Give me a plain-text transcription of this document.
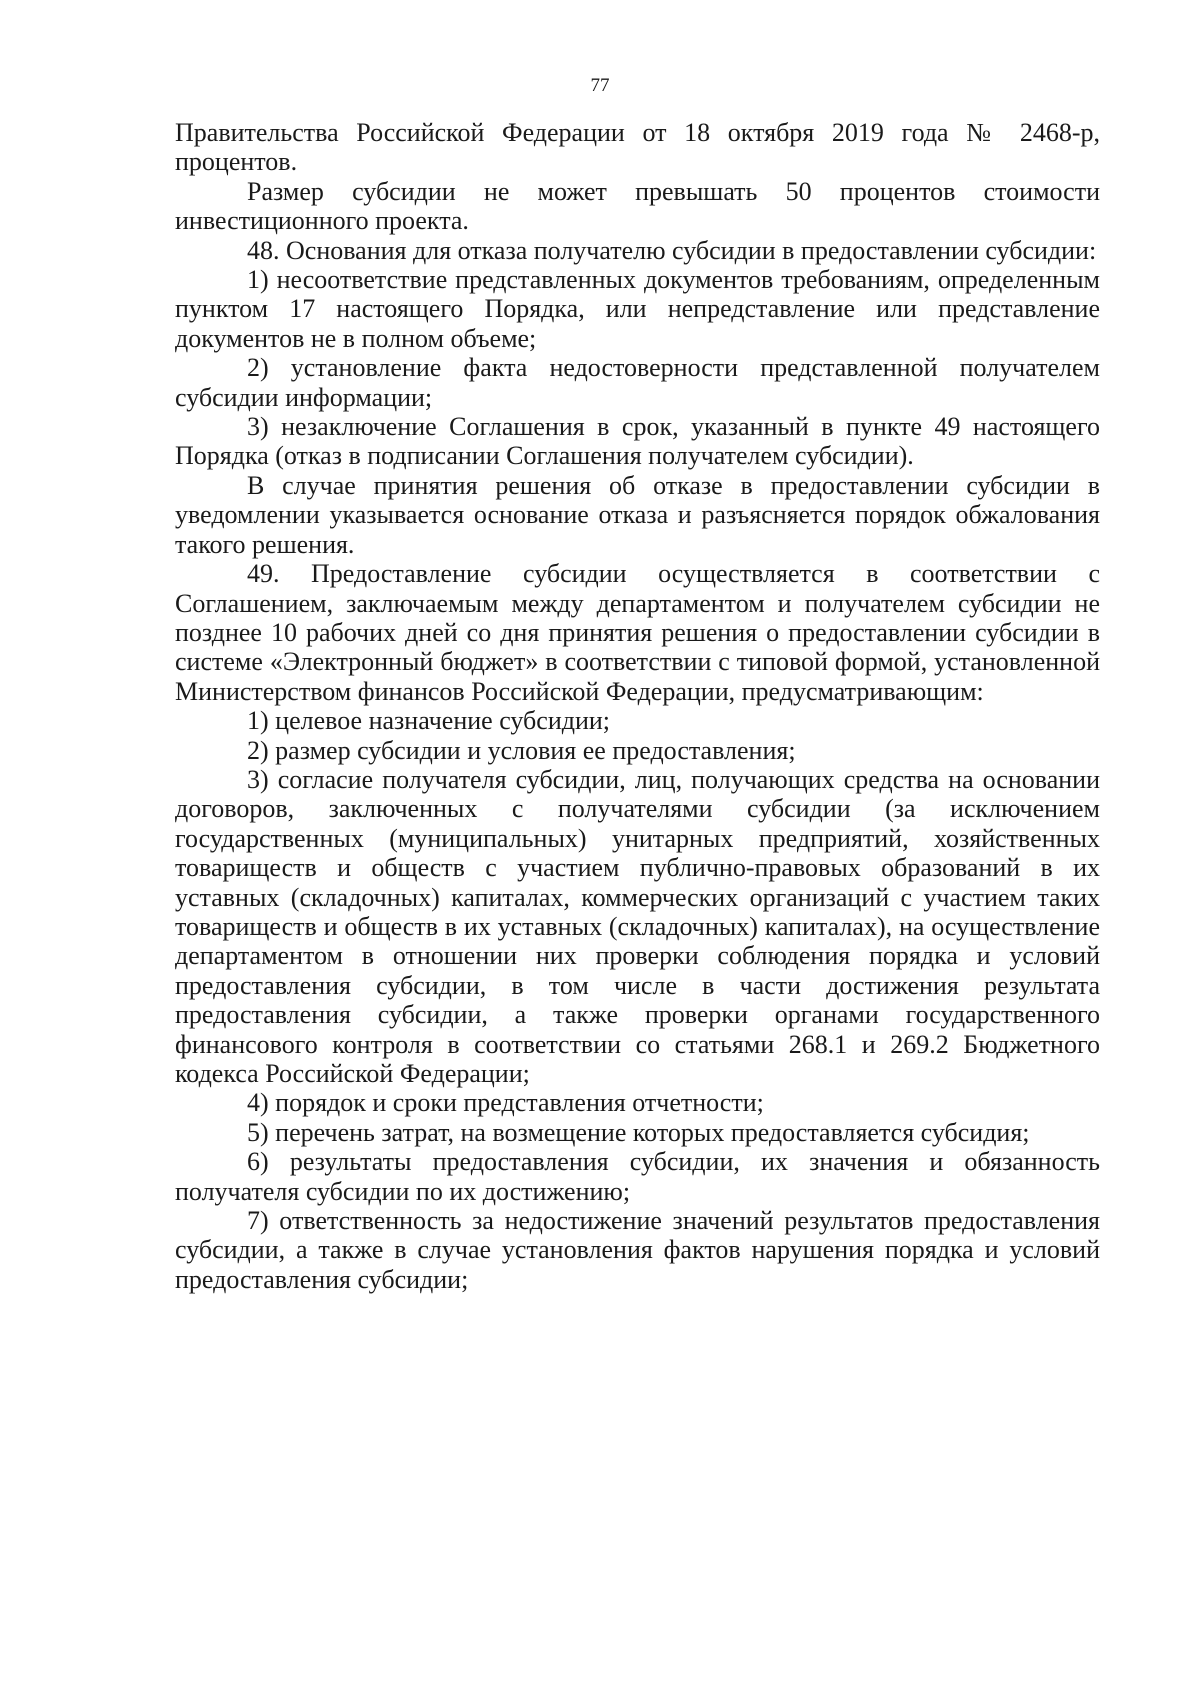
77

Правительства Российской Федерации от 18 октября 2019 года № 2468-р, процентов.

Размер субсидии не может превышать 50 процентов стоимости инвестиционного проекта.

48. Основания для отказа получателю субсидии в предоставлении субсидии:

1) несоответствие представленных документов требованиям, определенным пунктом 17 настоящего Порядка, или непредставление или представление документов не в полном объеме;

2) установление факта недостоверности представленной получателем субсидии информации;

3) незаключение Соглашения в срок, указанный в пункте 49 настоящего Порядка (отказ в подписании Соглашения получателем субсидии).

В случае принятия решения об отказе в предоставлении субсидии в уведомлении указывается основание отказа и разъясняется порядок обжалования такого решения.

49. Предоставление субсидии осуществляется в соответствии с Соглашением, заключаемым между департаментом и получателем субсидии не позднее 10 рабочих дней со дня принятия решения о предоставлении субсидии в системе «Электронный бюджет» в соответствии с типовой формой, установленной Министерством финансов Российской Федерации, предусматривающим:

1) целевое назначение субсидии;

2) размер субсидии и условия ее предоставления;

3) согласие получателя субсидии, лиц, получающих средства на основании договоров, заключенных с получателями субсидии (за исключением государственных (муниципальных) унитарных предприятий, хозяйственных товариществ и обществ с участием публично-правовых образований в их уставных (складочных) капиталах, коммерческих организаций с участием таких товариществ и обществ в их уставных (складочных) капиталах), на осуществление департаментом в отношении них проверки соблюдения порядка и условий предоставления субсидии, в том числе в части достижения результата предоставления субсидии, а также проверки органами государственного финансового контроля в соответствии со статьями 268.1 и 269.2 Бюджетного кодекса Российской Федерации;

4) порядок и сроки представления отчетности;

5) перечень затрат, на возмещение которых предоставляется субсидия;

6) результаты предоставления субсидии, их значения и обязанность получателя субсидии по их достижению;

7) ответственность за недостижение значений результатов предоставления субсидии, а также в случае установления фактов нарушения порядка и условий предоставления субсидии;
